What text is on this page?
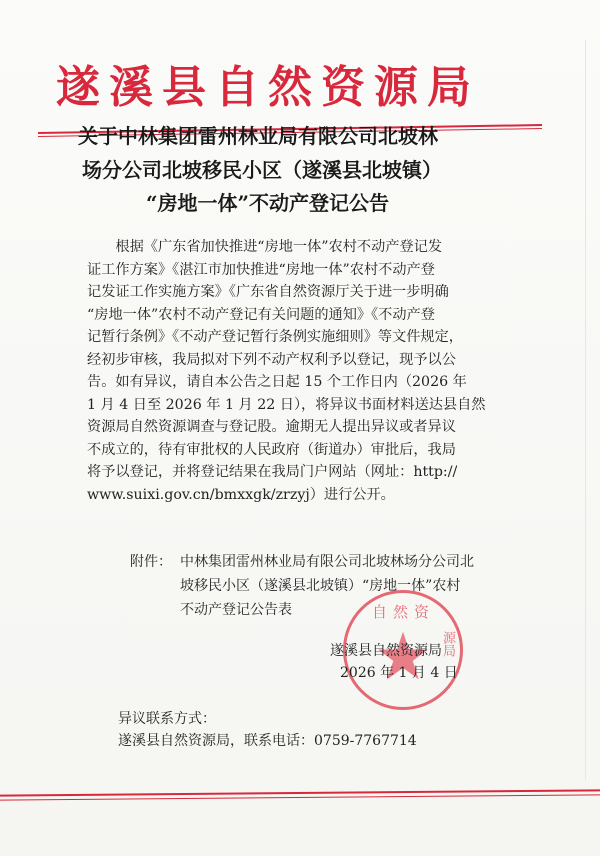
遂溪县自然资源局
关于中林集团雷州林业局有限公司北坡林
场分公司北坡移民小区（遂溪县北坡镇）
“房地一体”不动产登记公告
　　根据《广东省加快推进“房地一体”农村不动产登记发
证工作方案》《湛江市加快推进“房地一体”农村不动产登
记发证工作实施方案》《广东省自然资源厅关于进一步明确
“房地一体”农村不动产登记有关问题的通知》《不动产登
记暂行条例》《不动产登记暂行条例实施细则》等文件规定，
经初步审核，我局拟对下列不动产权利予以登记，现予以公
告。如有异议，请自本公告之日起 15 个工作日内（2026 年
1 月 4 日至 2026 年 1 月 22 日），将异议书面材料送达县自然
资源局自然资源调查与登记股。逾期无人提出异议或者异议
不成立的，待有审批权的人民政府（街道办）审批后，我局
将予以登记，并将登记结果在我局门户网站（网址：http://
www.suixi.gov.cn/bmxxgk/zrzyj）进行公开。
附件： 中林集团雷州林业局有限公司北坡林场分公司北
坡移民小区（遂溪县北坡镇）“房地一体”农村
不动产登记公告表	自然资
源局
遂溪县自然资源局
2026 年 1 月 4 日
异议联系方式：
遂溪县自然资源局，联系电话：0759-7767714
